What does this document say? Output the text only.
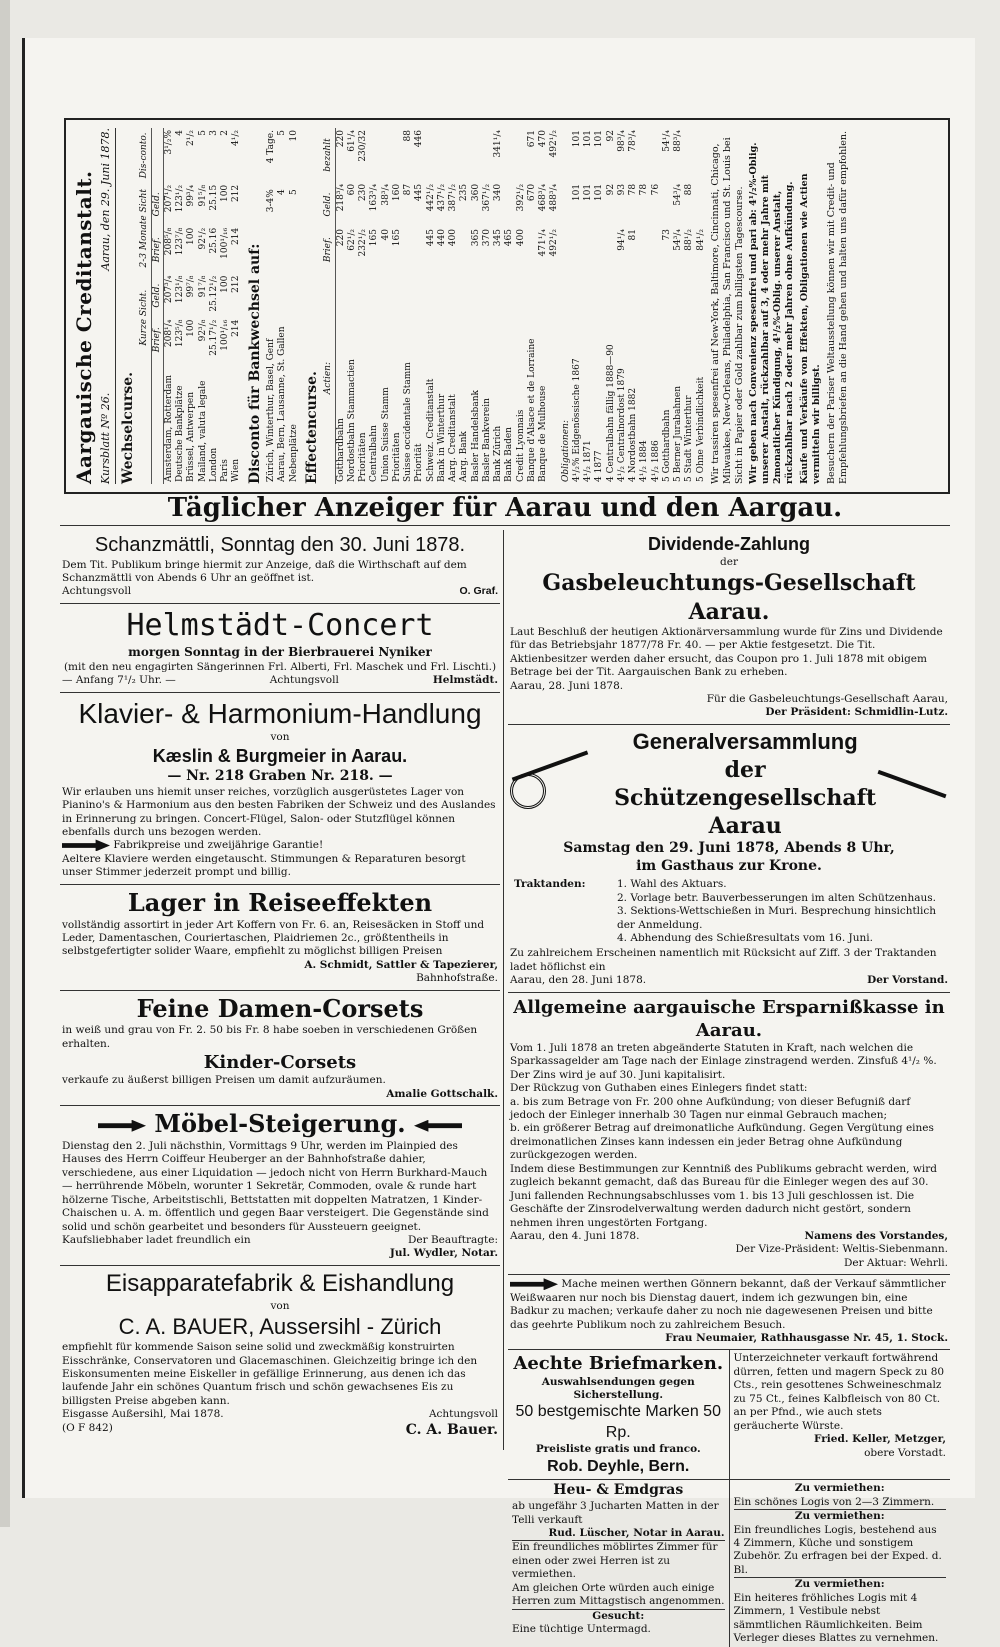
Aargauische Creditanstalt. Kursblatt Nº 26.
Aarau, den 29. Juni 1878.
Wechselcurse.
	Kurze Sicht.		2-3 Monate Sicht		Dis-conto.
	Brief.	Geld.	Brief.	Geld.	
Amsterdam, Rotterdam	208¹/₄	207³/₄	208⁵/₈	207¹/₂	3¹/₂%
Deutsche Bankplätze	123⁵/₈	123¹/₈	123⁷/₈	123¹/₂	4
Brüssel, Antwerpen	100	99⁷/₈	100	99³/₄	2¹/₂
Mailand, valuta legale	92³/₈	91⁷/₈	92¹/₂	91⁵/₈	5
London	25.17¹/₂	25.12¹/₂	25.16	25.15	3
Paris	100¹/₁₆	100	100¹/₁₆	100	2
Wien	214	212	214	212	4¹/₂
Disconto für Bankwechsel auf: Zürich, Winterthur, Basel, Genf	3-4%	4 Tage.
Aarau, Bern, Lausanne, St. Gallen	4	5
Nebenplätze	5	10
Effectencurse. Actien:	Brief.	Geld.	bezahlt
Gotthardbahn	220	218³/₄	220
Nordostbahn Stammactien	62¹/₂	60	61¹/₄
Prioritäten	232¹/₂	230	230/32
Centralbahn	165	163³/₄	
Union Suisse Stamm	40	38³/₄	
Prioritäten	165	160	
Suisse occidentale Stamm		87	88
Priorität		445	446
Schweiz. Creditanstalt	445	442¹/₂	
Bank in Winterthur	440	437¹/₂	
Aarg. Creditanstalt	400	387¹/₂	
Aarg. Bank		235	
Basler Handelsbank	365	360	
Basler Bankverein	370	367¹/₂	
Bank Zürich	345	340	341¹/₄
Bank Baden	465		
Credit Lyonnais	400	392¹/₂	
Banque d'Alsace et de Lorraine		670	671
Banque de Mulhouse	471¹/₄	468³/₄	470
	492¹/₂	488³/₄	492¹/₂
Obligationen:			
4¹/₂% Eidgenössische 1867		101	101
4¹/₂ 1871		101	101
4 1877		101	101
4 Centralbahn fällig 1888—90		92	92
4¹/₂ Centralnordost 1879	94¹/₄	93	98³/₄
4 Nordostbahn 1882	81	78	78³/₄
4¹/₂ 1884		78	
4¹/₂ 1886		76	
5 Gotthardbahn	73		54¹/₄
5 Berner Jurabahnen	54³/₄	54³/₄	88³/₄
5 Stadt Winterthur	88¹/₂	88	
5 Ohne Verbindlichkeit	84¹/₂		Wir trassiren spesenfrei auf New-York, Baltimore, Cincinnati, Chicago, Milwaukee, New-Orleans, Philadelphia, San Francisco und St. Louis bei Sicht in Papier oder Gold zahlbar zum billigsten Tagescourse. Wir geben nach Convenienz spesenfrei und pari ab: 4¹/₂%-Oblig. unserer Anstalt, rückzahlbar auf 3, 4 oder mehr Jahre mit 2monatlicher Kündigung, 4¹/₂%-Oblig. unserer Anstalt, rückzahlbar nach 2 oder mehr Jahren ohne Aufkündung. Käufe und Verkäufe von Effekten, Obligationen wie Actien vermitteln wir billigst. Besuchern der Pariser Weltausstellung können wir mit Credit- und Empfehlungsbriefen an die Hand gehen und halten uns dafür empfohlen.

Täglicher Anzeiger für Aarau und den Aargau.
Schanzmättli, Sonntag den 30. Juni 1878.
Dem Tit. Publikum bringe hiermit zur Anzeige, daß die Wirthschaft auf dem Schanzmättli von Abends 6 Uhr an geöffnet ist.
Achtungsvoll	O. Graf.
Helmstädt-Concert
morgen Sonntag in der Bierbrauerei Nyniker
(mit den neu engagirten Sängerinnen Frl. Alberti, Frl. Maschek und Frl. Lischti.)
— Anfang 7¹/₂ Uhr. —	Achtungsvoll	Helmstädt.
Klavier- & Harmonium-Handlung
von
Kæslin & Burgmeier in Aarau.
— Nr. 218 Graben Nr. 218. —
Wir erlauben uns hiemit unser reiches, vorzüglich ausgerüstetes Lager von Pianino's & Harmonium aus den besten Fabriken der Schweiz und des Auslandes in Erinnerung zu bringen. Concert-Flügel, Salon- oder Stutzflügel können ebenfalls durch uns bezogen werden.
Fabrikpreise und zweijährige Garantie!
Aeltere Klaviere werden eingetauscht. Stimmungen & Reparaturen besorgt unser Stimmer jederzeit prompt und billig.
Lager in Reiseeffekten
vollständig assortirt in jeder Art Koffern von Fr. 6. an, Reisesäcken in Stoff und Leder, Damentaschen, Couriertaschen, Plaidriemen 2c., größtentheils in selbstgefertigter solider Waare, empfiehlt zu möglichst billigen Preisen
A. Schmidt, Sattler & Tapezierer,
Bahnhofstraße.
Feine Damen-Corsets
in weiß und grau von Fr. 2. 50 bis Fr. 8 habe soeben in verschiedenen Größen erhalten.
Kinder-Corsets
verkaufe zu äußerst billigen Preisen um damit aufzuräumen.
Amalie Gottschalk.
Möbel-Steigerung.
Dienstag den 2. Juli nächsthin, Vormittags 9 Uhr, werden im Plainpied des Hauses des Herrn Coiffeur Heuberger an der Bahnhofstraße dahier, verschiedene, aus einer Liquidation — jedoch nicht von Herrn Burkhard-Mauch — herrührende Möbeln, worunter 1 Sekretär, Commoden, ovale & runde hart hölzerne Tische, Arbeitstischli, Bettstatten mit doppelten Matratzen, 1 Kinder-Chaischen u. A. m. öffentlich und gegen Baar versteigert. Die Gegenstände sind solid und schön gearbeitet und besonders für Aussteuern geeignet.
Kaufsliebhaber ladet freundlich ein	Der Beauftragte:
Jul. Wydler, Notar.
Eisapparatefabrik & Eishandlung
von
C. A. BAUER, Aussersihl - Zürich
empfiehlt für kommende Saison seine solid und zweckmäßig konstruirten Eisschränke, Conservatoren und Glacemaschinen. Gleichzeitig bringe ich den Eiskonsumenten meine Eiskeller in gefällige Erinnerung, aus denen ich das laufende Jahr ein schönes Quantum frisch und schön gewachsenes Eis zu billigsten Preise abgeben kann.
Eisgasse Außersihl, Mai 1878.	Achtungsvoll
(O F 842)	C. A. Bauer.
Dividende-Zahlung
der
Gasbeleuchtungs-Gesellschaft Aarau.
Laut Beschluß der heutigen Aktionärversammlung wurde für Zins und Dividende für das Betriebsjahr 1877/78 Fr. 40. — per Aktie festgesetzt. Die Tit. Aktienbesitzer werden daher ersucht, das Coupon pro 1. Juli 1878 mit obigem Betrage bei der Tit. Aargauischen Bank zu erheben.
Aarau, 28. Juni 1878.
Für die Gasbeleuchtungs-Gesellschaft Aarau,
Der Präsident: Schmidlin-Lutz.
Generalversammlung
der Schützengesellschaft Aarau
Samstag den 29. Juni 1878, Abends 8 Uhr,
im Gasthaus zur Krone.
Traktanden:	1. Wahl des Aktuars.
2. Vorlage betr. Bauverbesserungen im alten Schützenhaus.
3. Sektions-Wettschießen in Muri. Besprechung hinsichtlich der Anmeldung.
4. Abhendung des Schießresultats vom 16. Juni.
Zu zahlreichem Erscheinen namentlich mit Rücksicht auf Ziff. 3 der Traktanden ladet höflichst ein
Aarau, den 28. Juni 1878.	Der Vorstand.
Allgemeine aargauische Ersparnißkasse in Aarau.
Vom 1. Juli 1878 an treten abgeänderte Statuten in Kraft, nach welchen die Sparkassagelder am Tage nach der Einlage zinstragend werden. Zinsfuß 4¹/₂ %.
Der Zins wird je auf 30. Juni kapitalisirt.
Der Rückzug von Guthaben eines Einlegers findet statt:
a. bis zum Betrage von Fr. 200 ohne Aufkündung; von dieser Befugniß darf jedoch der Einleger innerhalb 30 Tagen nur einmal Gebrauch machen;
b. ein größerer Betrag auf dreimonatliche Aufkündung. Gegen Vergütung eines dreimonatlichen Zinses kann indessen ein jeder Betrag ohne Aufkündung zurückgezogen werden.
Indem diese Bestimmungen zur Kenntniß des Publikums gebracht werden, wird zugleich bekannt gemacht, daß das Bureau für die Einleger wegen des auf 30. Juni fallenden Rechnungsabschlusses vom 1. bis 13 Juli geschlossen ist. Die Geschäfte der Zinsrodelverwaltung werden dadurch nicht gestört, sondern nehmen ihren ungestörten Fortgang.
Aarau, den 4. Juni 1878.	Namens des Vorstandes,
Der Vize-Präsident: Weltis-Siebenmann.
Der Aktuar: Wehrli.
Mache meinen werthen Gönnern bekannt, daß der Verkauf sämmtlicher Weißwaaren nur noch bis Dienstag dauert, indem ich gezwungen bin, eine Badkur zu machen; verkaufe daher zu noch nie dagewesenen Preisen und bitte das geehrte Publikum noch zu zahlreichem Besuch.
Frau Neumaier, Rathhausgasse Nr. 45, 1. Stock.
Aechte Briefmarken.
Auswahlsendungen gegen Sicherstellung.
50 bestgemischte Marken 50 Rp.
Preisliste gratis und franco.
Rob. Deyhle, Bern.
Unterzeichneter verkauft fortwährend dürren, fetten und magern Speck zu 80 Cts., rein gesottenes Schweineschmalz zu 75 Ct., feines Kalbfleisch von 80 Ct. an per Pfnd., wie auch stets geräucherte Würste.
Fried. Keller, Metzger,
obere Vorstadt.
Heu- & Emdgras
ab ungefähr 3 Jucharten Matten in der Telli verkauft
Rud. Lüscher, Notar in Aarau.
Ein freundliches möblirtes Zimmer für einen oder zwei Herren ist zu vermiethen.
Am gleichen Orte würden auch einige Herren zum Mittagstisch angenommen.
Gesucht:
Eine tüchtige Untermagd.
Zu vermiethen:
Ein schönes Logis von 2—3 Zimmern.
Zu vermiethen:
Ein freundliches Logis, bestehend aus 4 Zimmern, Küche und sonstigem Zubehör. Zu erfragen bei der Exped. d. Bl.
Zu vermiethen:
Ein heiteres fröhliches Logis mit 4 Zimmern, 1 Vestibule nebst sämmtlichen Räumlichkeiten. Beim Verleger dieses Blattes zu vernehmen.
